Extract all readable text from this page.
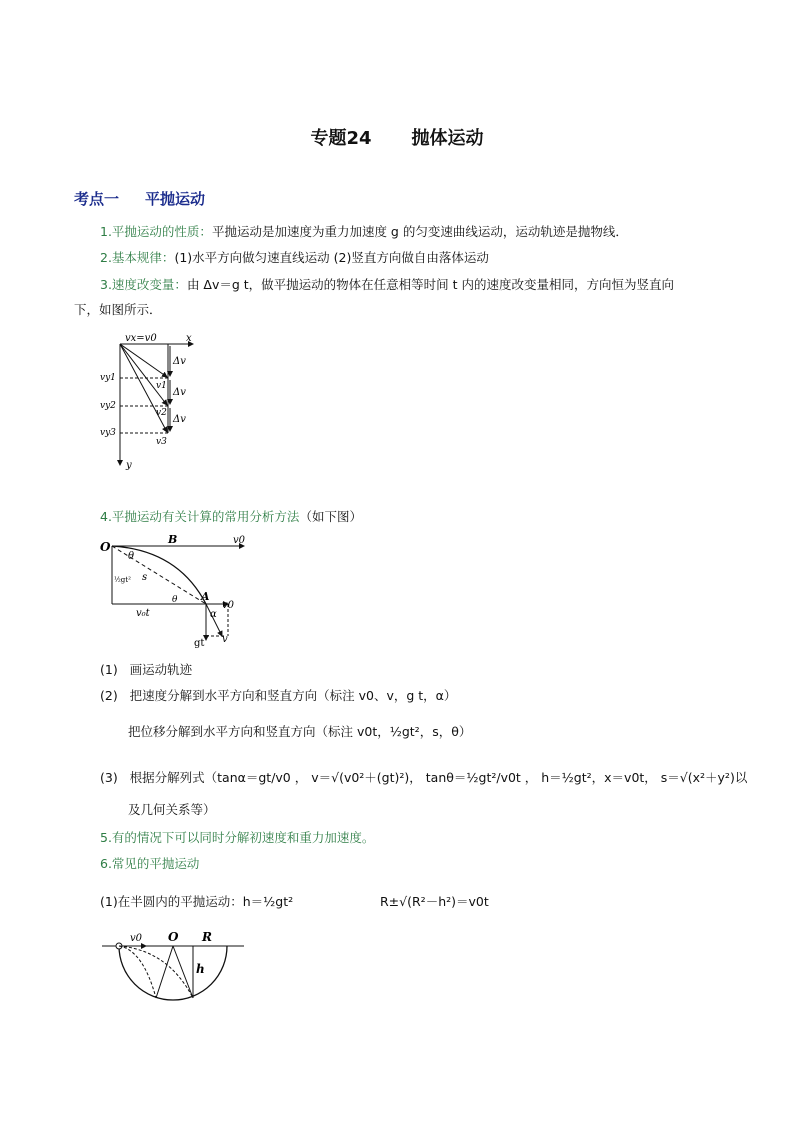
专题24 抛体运动
考点一 平抛运动
1.平抛运动的性质：平抛运动是加速度为重力加速度 g 的匀变速曲线运动，运动轨迹是抛物线．
2.基本规律：(1)水平方向做匀速直线运动 (2)竖直方向做自由落体运动
3.速度改变量：由 Δv＝g t，做平抛运动的物体在任意相等时间 t 内的速度改变量相同，方向恒为竖直向
下，如图所示．
vx=v0	x
y
vy1
vy2
vy3
v1
v2
v3
Δv
Δv
Δv
4.平抛运动有关计算的常用分析方法（如下图）
O
B	v0
θ
s
½gt²
θ A
v0
α
v₀t
gt v
(1) 画运动轨迹
(2) 把速度分解到水平方向和竖直方向（标注 v0、v，g t，α）
把位移分解到水平方向和竖直方向（标注 v0t，½gt²，s，θ）
(3) 根据分解列式（tanα＝gt/v0 ， v＝√(v0²＋(gt)²)， tanθ＝½gt²/v0t ， h＝½gt²，x＝v0t， s＝√(x²＋y²)以
及几何关系等）
5.有的情况下可以同时分解初速度和重力加速度。
6.常见的平抛运动
(1)在半圆内的平抛运动：h＝½gt²	R±√(R²－h²)＝v0t
v0 O R
h
